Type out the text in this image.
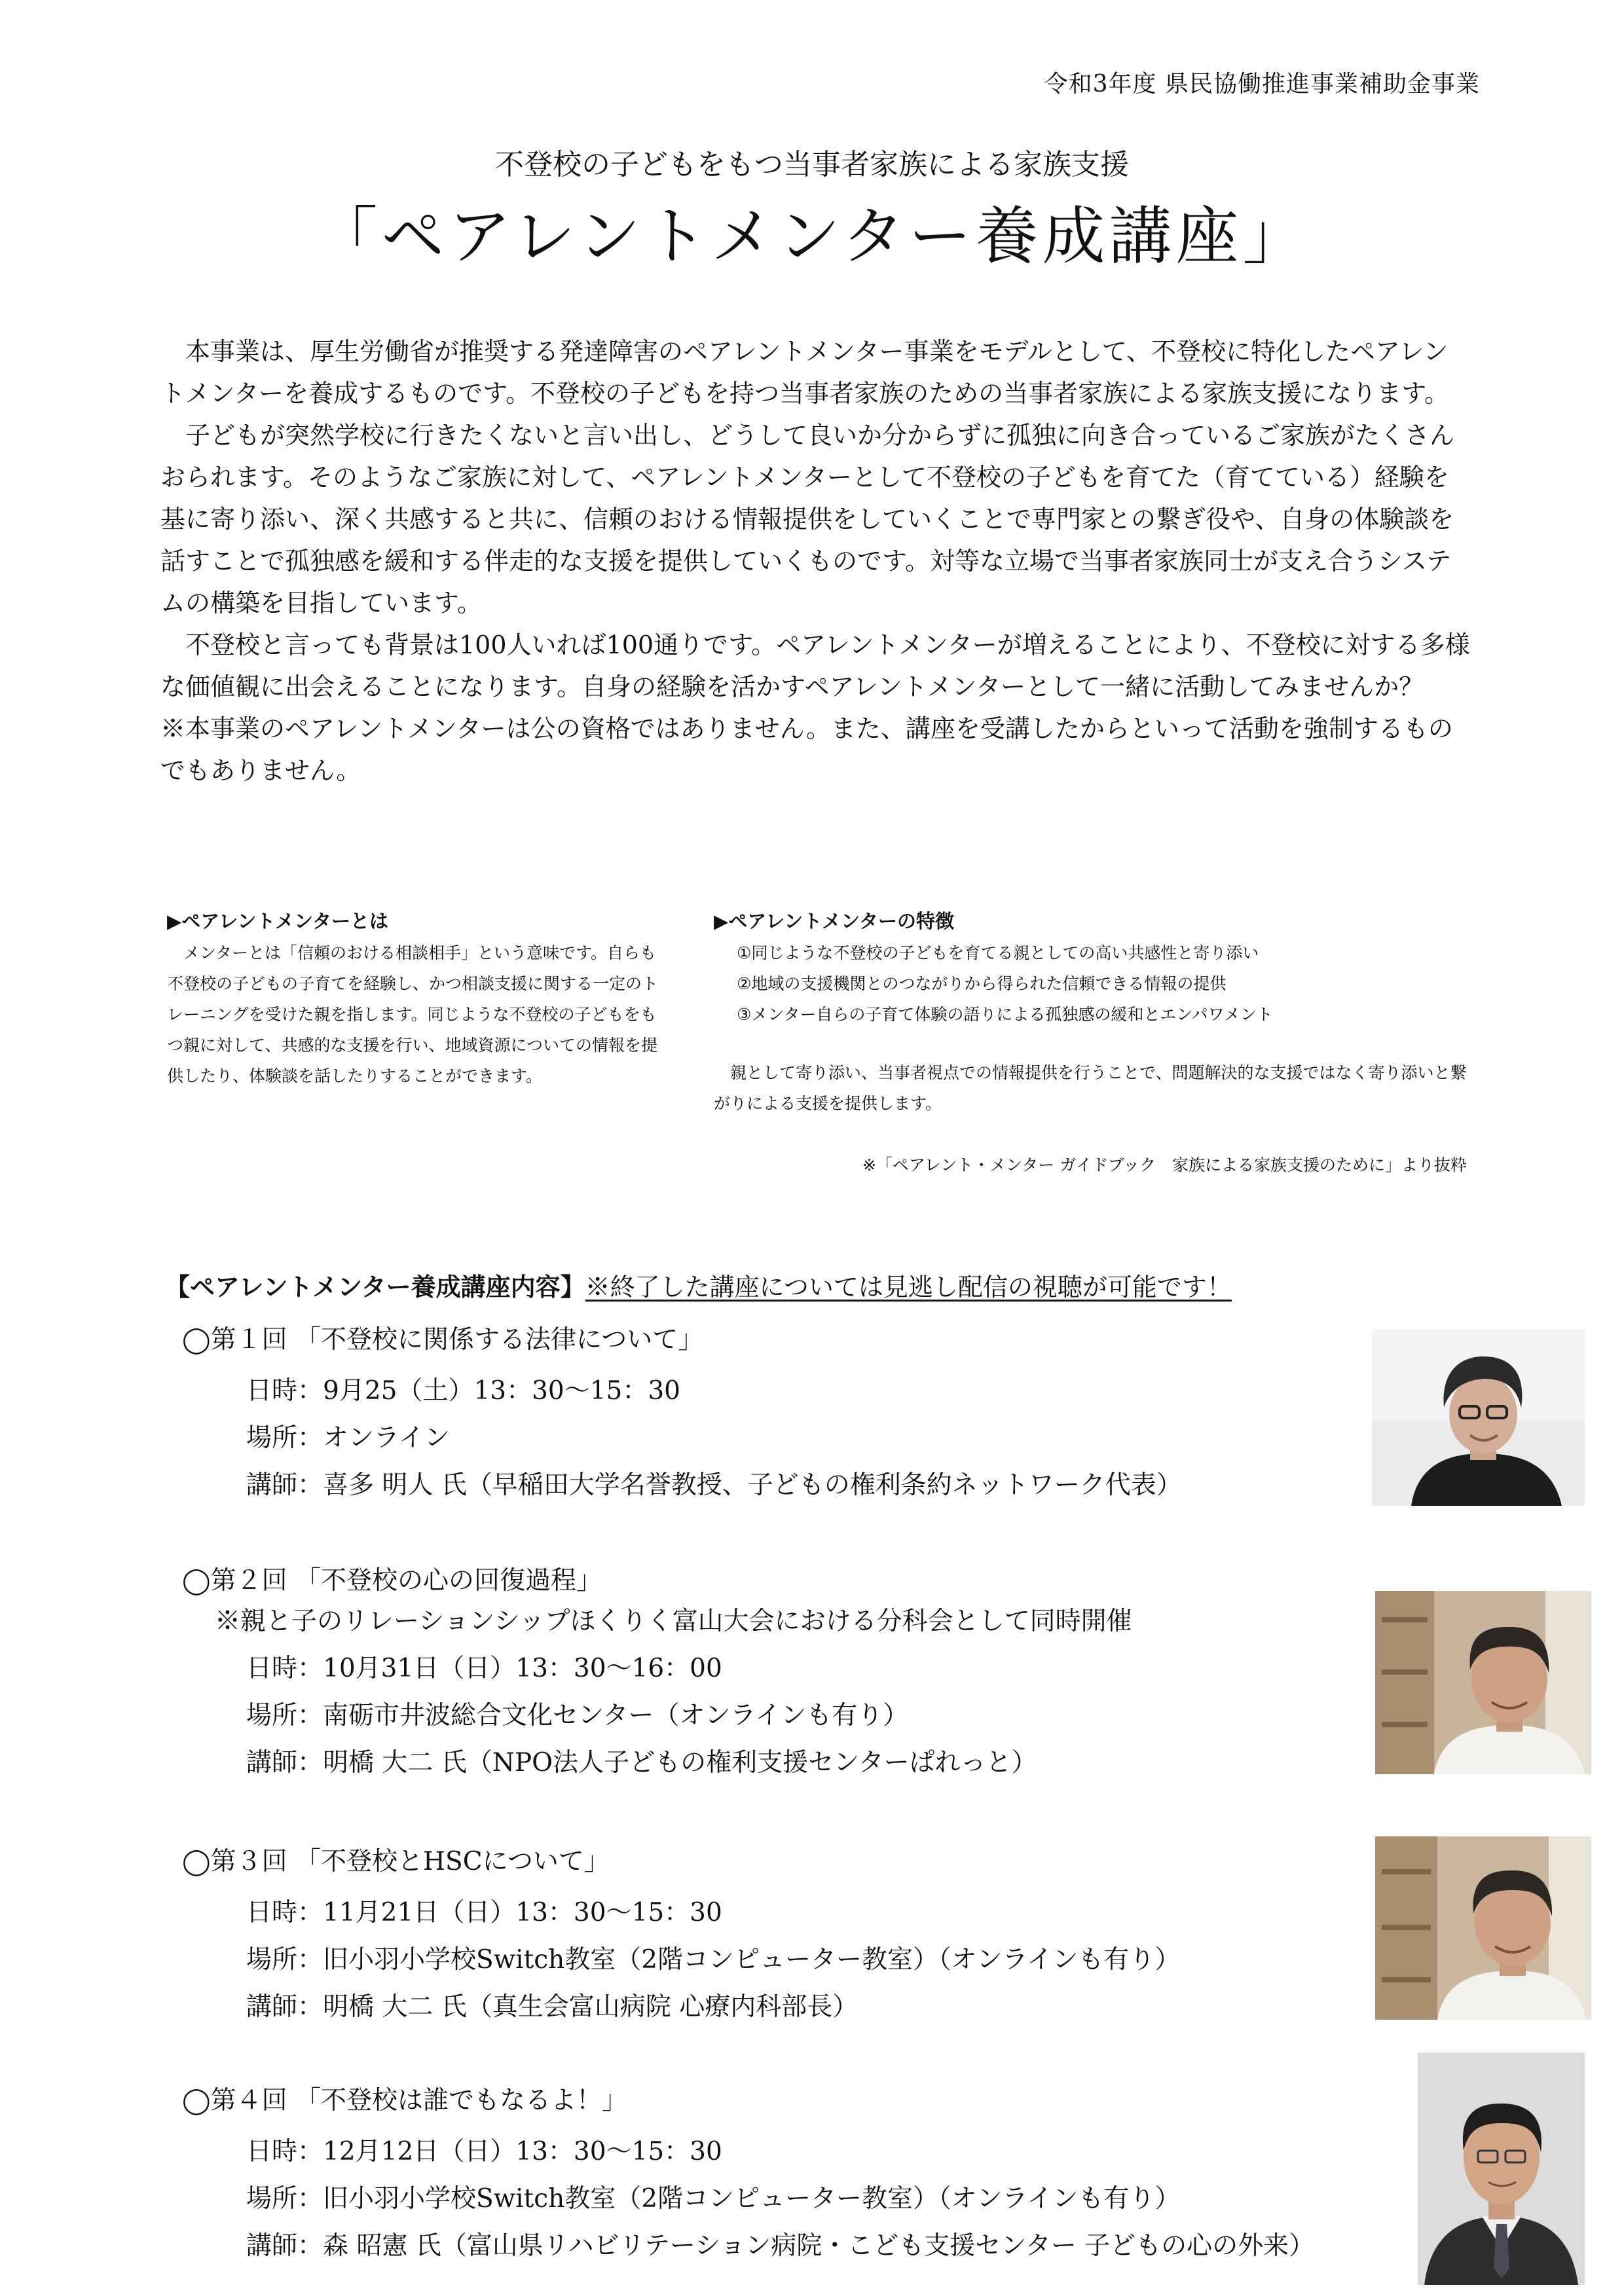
令和3年度 県民協働推進事業補助金事業
不登校の子どもをもつ当事者家族による家族支援
「ペアレントメンター養成講座」

本事業は、厚生労働省が推奨する発達障害のペアレントメンター事業をモデルとして、不登校に特化したペアレントメンターを養成するものです。不登校の子どもを持つ当事者家族のための当事者家族による家族支援になります。

子どもが突然学校に行きたくないと言い出し、どうして良いか分からずに孤独に向き合っているご家族がたくさんおられます。そのようなご家族に対して、ペアレントメンターとして不登校の子どもを育てた（育てている）経験を基に寄り添い、深く共感すると共に、信頼のおける情報提供をしていくことで専門家との繋ぎ役や、自身の体験談を話すことで孤独感を緩和する伴走的な支援を提供していくものです。対等な立場で当事者家族同士が支え合うシステムの構築を目指しています。

不登校と言っても背景は100人いれば100通りです。ペアレントメンターが増えることにより、不登校に対する多様な価値観に出会えることになります。自身の経験を活かすペアレントメンターとして一緒に活動してみませんか？

※本事業のペアレントメンターは公の資格ではありません。また、講座を受講したからといって活動を強制するものでもありません。

▶ペアレントメンターとは
メンターとは「信頼のおける相談相手」という意味です。自らも不登校の子どもの子育てを経験し、かつ相談支援に関する一定のトレーニングを受けた親を指します。同じような不登校の子どもをもつ親に対して、共感的な支援を行い、地域資源についての情報を提供したり、体験談を話したりすることができます。
▶ペアレントメンターの特徴
①同じような不登校の子どもを育てる親としての高い共感性と寄り添い
②地域の支援機関とのつながりから得られた信頼できる情報の提供
③メンター自らの子育て体験の語りによる孤独感の緩和とエンパワメント
親として寄り添い、当事者視点での情報提供を行うことで、問題解決的な支援ではなく寄り添いと繋がりによる支援を提供します。
※「ペアレント・メンター ガイドブック　家族による家族支援のために」より抜粋
【ペアレントメンター養成講座内容】※終了した講座については見逃し配信の視聴が可能です！
◯第１回 「不登校に関係する法律について」
日時：9月25（土）13：30〜15：30
場所：オンライン
講師：喜多 明人 氏（早稲田大学名誉教授、子どもの権利条約ネットワーク代表）
◯第２回 「不登校の心の回復過程」
※親と子のリレーションシップほくりく富山大会における分科会として同時開催
日時：10月31日（日）13：30〜16：00
場所：南砺市井波総合文化センター（オンラインも有り）
講師：明橋 大二 氏（NPO法人子どもの権利支援センターぱれっと）
◯第３回 「不登校とHSCについて」
日時：11月21日（日）13：30〜15：30
場所：旧小羽小学校Switch教室（2階コンピューター教室）（オンラインも有り）
講師：明橋 大二 氏（真生会富山病院 心療内科部長）
◯第４回 「不登校は誰でもなるよ！」
日時：12月12日（日）13：30〜15：30
場所：旧小羽小学校Switch教室（2階コンピューター教室）（オンラインも有り）
講師：森 昭憲 氏（富山県リハビリテーション病院・こども支援センター 子どもの心の外来）
